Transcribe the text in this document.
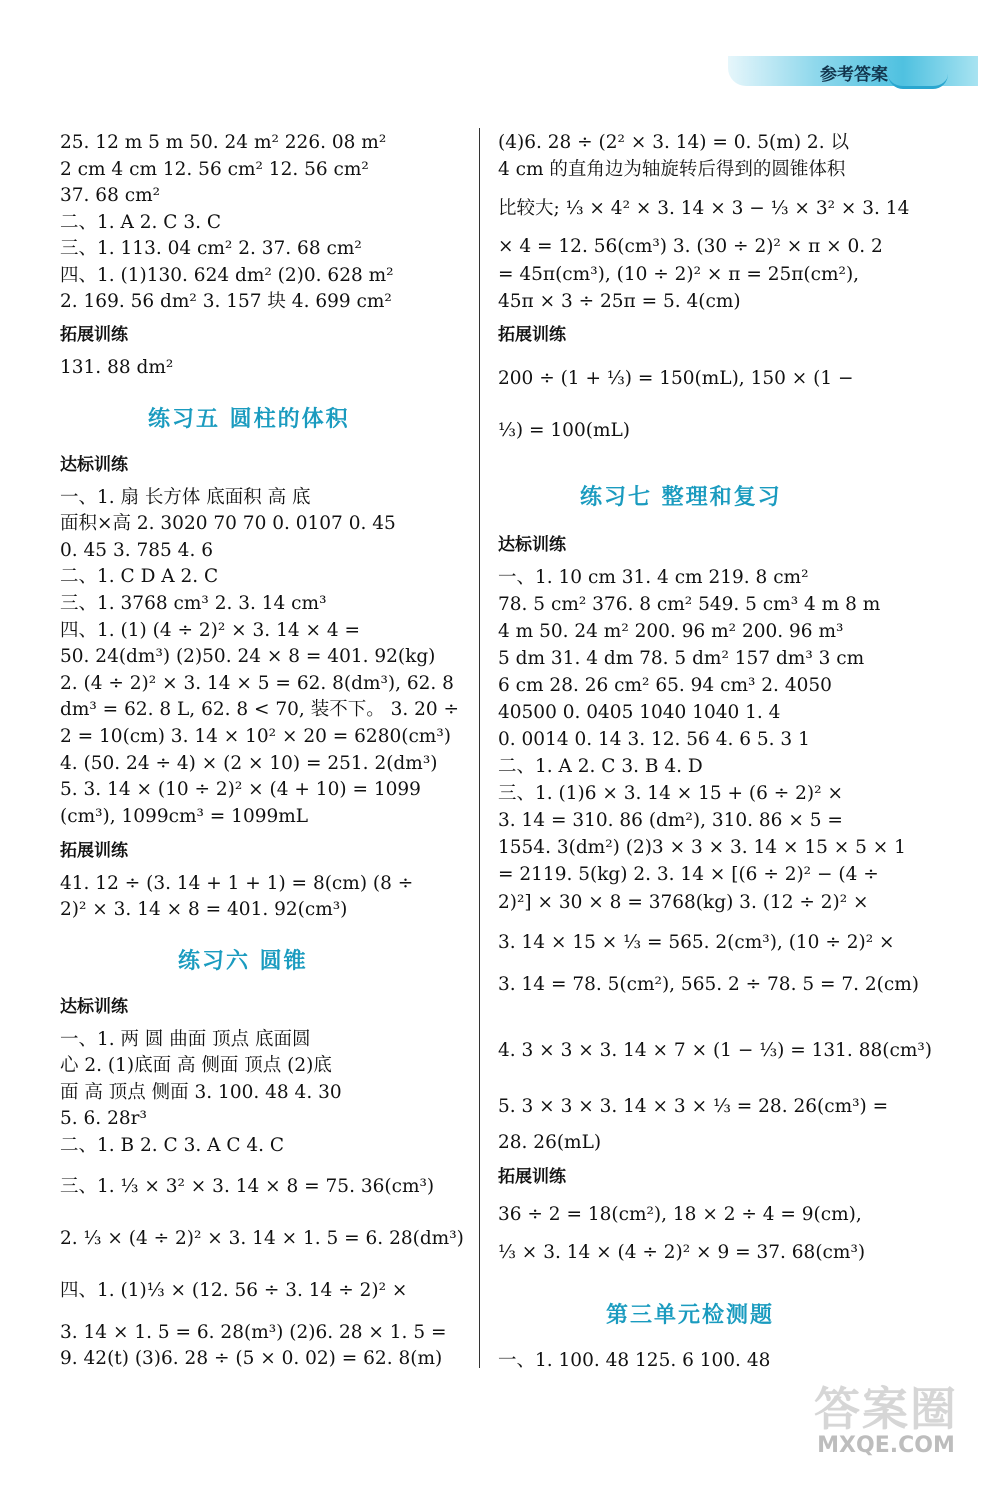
参考答案
25. 12 m 5 m 50. 24 m² 226. 08 m²
2 cm 4 cm 12. 56 cm² 12. 56 cm²
37. 68 cm²
二、1. A 2. C 3. C
三、1. 113. 04 cm² 2. 37. 68 cm²
四、1. (1)130. 624 dm² (2)0. 628 m²
2. 169. 56 dm² 3. 157 块 4. 699 cm²
拓展训练
131. 88 dm²
练习五 圆柱的体积
达标训练
一、1. 扇 长方体 底面积 高 底
面积×高 2. 3020 70 70 0. 0107 0. 45
0. 45 3. 785 4. 6
二、1. C D A 2. C
三、1. 3768 cm³ 2. 3. 14 cm³
四、1. (1) (4 ÷ 2)² × 3. 14 × 4 =
50. 24(dm³) (2)50. 24 × 8 = 401. 92(kg)
2. (4 ÷ 2)² × 3. 14 × 5 = 62. 8(dm³), 62. 8
dm³ = 62. 8 L, 62. 8 < 70, 装不下。 3. 20 ÷
2 = 10(cm) 3. 14 × 10² × 20 = 6280(cm³)
4. (50. 24 ÷ 4) × (2 × 10) = 251. 2(dm³)
5. 3. 14 × (10 ÷ 2)² × (4 + 10) = 1099
(cm³), 1099cm³ = 1099mL
拓展训练
41. 12 ÷ (3. 14 + 1 + 1) = 8(cm) (8 ÷
2)² × 3. 14 × 8 = 401. 92(cm³)
练习六 圆锥
达标训练
一、1. 两 圆 曲面 顶点 底面圆
心 2. (1)底面 高 侧面 顶点 (2)底
面 高 顶点 侧面 3. 100. 48 4. 30
5. 6. 28r³
二、1. B 2. C 3. A C 4. C
三、1. ⅓ × 3² × 3. 14 × 8 = 75. 36(cm³)
2. ⅓ × (4 ÷ 2)² × 3. 14 × 1. 5 = 6. 28(dm³)
四、1. (1)⅓ × (12. 56 ÷ 3. 14 ÷ 2)² ×
3. 14 × 1. 5 = 6. 28(m³) (2)6. 28 × 1. 5 =
9. 42(t) (3)6. 28 ÷ (5 × 0. 02) = 62. 8(m)
(4)6. 28 ÷ (2² × 3. 14) = 0. 5(m) 2. 以
4 cm 的直角边为轴旋转后得到的圆锥体积
比较大; ⅓ × 4² × 3. 14 × 3 − ⅓ × 3² × 3. 14
× 4 = 12. 56(cm³) 3. (30 ÷ 2)² × π × 0. 2
= 45π(cm³), (10 ÷ 2)² × π = 25π(cm²),
45π × 3 ÷ 25π = 5. 4(cm)
拓展训练
200 ÷ (1 + ⅓) = 150(mL), 150 × (1 −
⅓) = 100(mL)
练习七 整理和复习
达标训练
一、1. 10 cm 31. 4 cm 219. 8 cm²
78. 5 cm² 376. 8 cm² 549. 5 cm³ 4 m 8 m
4 m 50. 24 m² 200. 96 m² 200. 96 m³
5 dm 31. 4 dm 78. 5 dm² 157 dm³ 3 cm
6 cm 28. 26 cm² 65. 94 cm³ 2. 4050
40500 0. 0405 1040 1040 1. 4
0. 0014 0. 14 3. 12. 56 4. 6 5. 3 1
二、1. A 2. C 3. B 4. D
三、1. (1)6 × 3. 14 × 15 + (6 ÷ 2)² ×
3. 14 = 310. 86 (dm²), 310. 86 × 5 =
1554. 3(dm²) (2)3 × 3 × 3. 14 × 15 × 5 × 1
= 2119. 5(kg) 2. 3. 14 × [(6 ÷ 2)² − (4 ÷
2)²] × 30 × 8 = 3768(kg) 3. (12 ÷ 2)² ×
3. 14 × 15 × ⅓ = 565. 2(cm³), (10 ÷ 2)² ×
3. 14 = 78. 5(cm²), 565. 2 ÷ 78. 5 = 7. 2(cm)
4. 3 × 3 × 3. 14 × 7 × (1 − ⅓) = 131. 88(cm³)
5. 3 × 3 × 3. 14 × 3 × ⅓ = 28. 26(cm³) =
28. 26(mL)
拓展训练
36 ÷ 2 = 18(cm²), 18 × 2 ÷ 4 = 9(cm),
⅓ × 3. 14 × (4 ÷ 2)² × 9 = 37. 68(cm³)
第三单元检测题
一、1. 100. 48 125. 6 100. 48
答案圈
MXQE.COM
